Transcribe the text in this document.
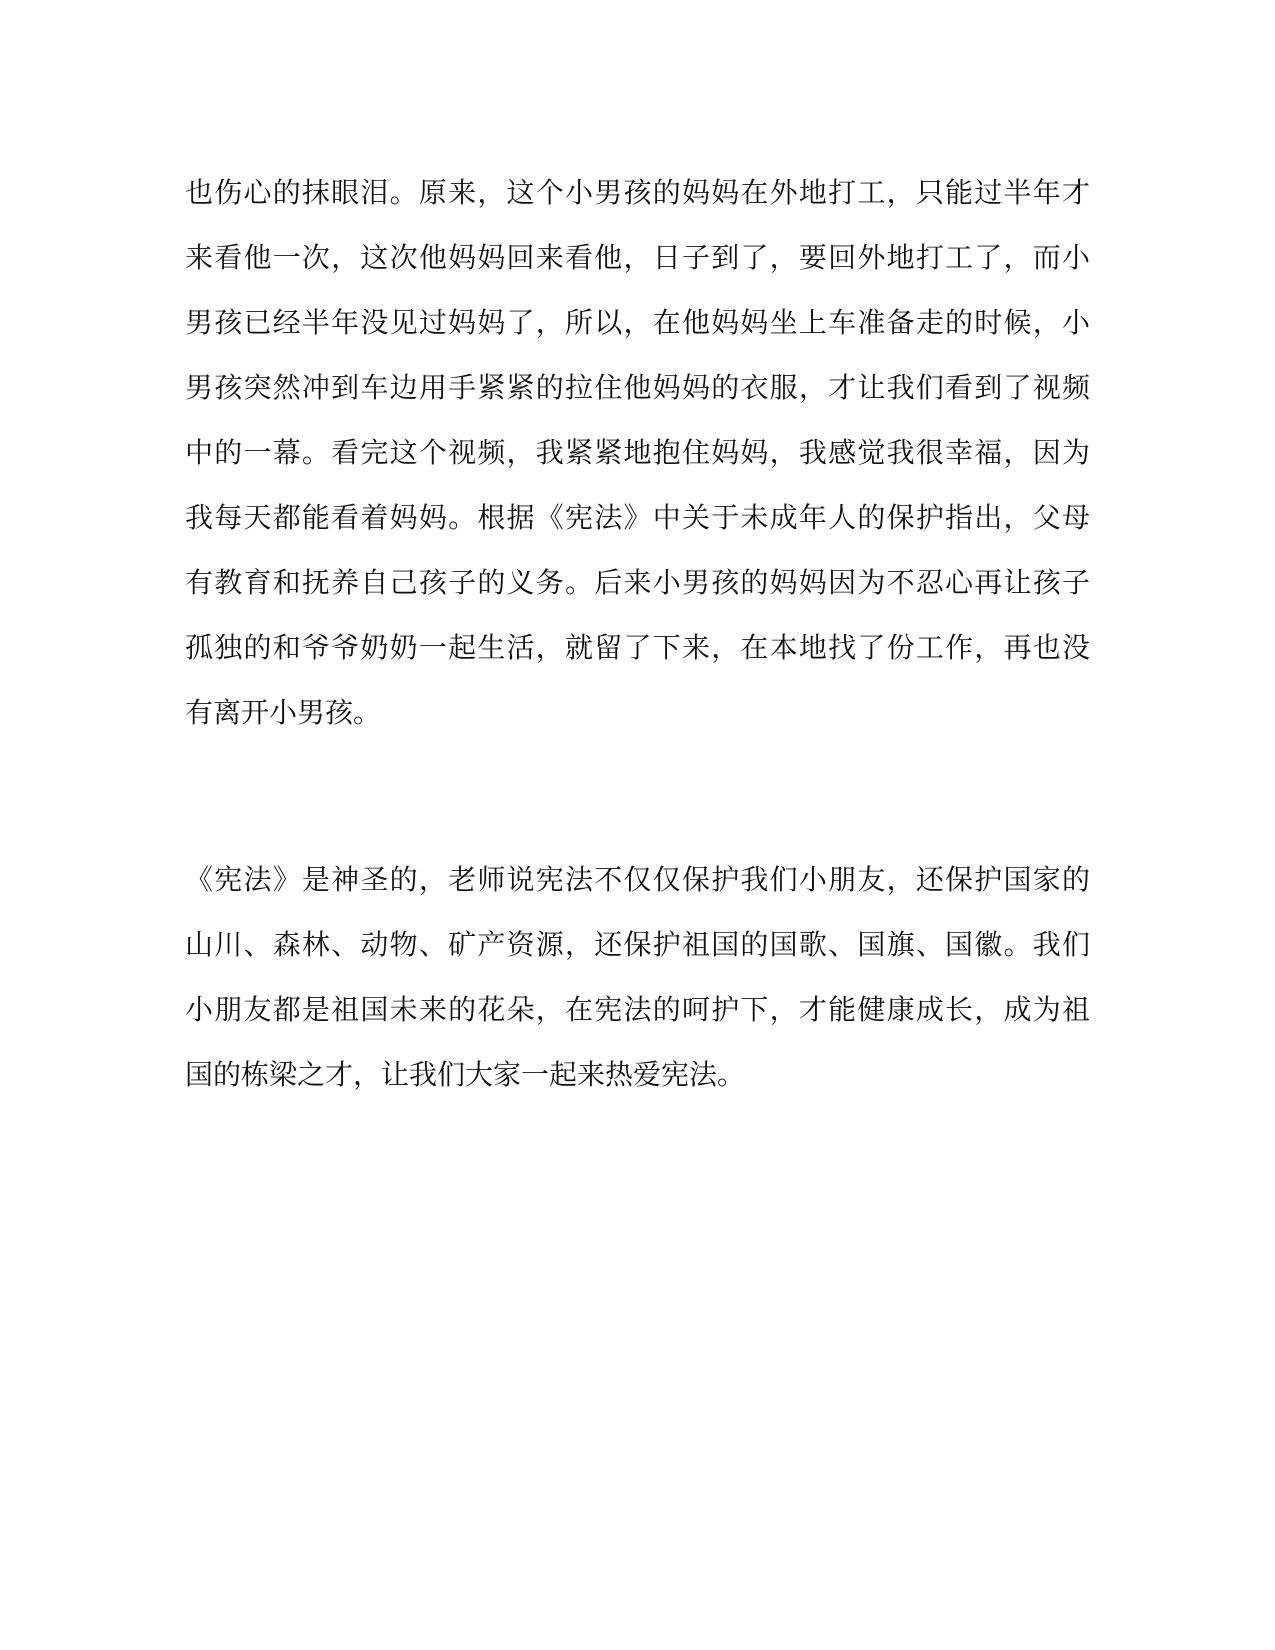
也伤心的抹眼泪。原来，这个小男孩的妈妈在外地打工，只能过半年才
来看他一次，这次他妈妈回来看他，日子到了，要回外地打工了，而小
男孩已经半年没见过妈妈了，所以，在他妈妈坐上车准备走的时候，小
男孩突然冲到车边用手紧紧的拉住他妈妈的衣服，才让我们看到了视频
中的一幕。看完这个视频，我紧紧地抱住妈妈，我感觉我很幸福，因为
我每天都能看着妈妈。根据《宪法》中关于未成年人的保护指出，父母
有教育和抚养自己孩子的义务。后来小男孩的妈妈因为不忍心再让孩子
孤独的和爷爷奶奶一起生活，就留了下来，在本地找了份工作，再也没
有离开小男孩。
《宪法》是神圣的，老师说宪法不仅仅保护我们小朋友，还保护国家的
山川、森林、动物、矿产资源，还保护祖国的国歌、国旗、国徽。我们
小朋友都是祖国未来的花朵，在宪法的呵护下，才能健康成长，成为祖
国的栋梁之才，让我们大家一起来热爱宪法。
